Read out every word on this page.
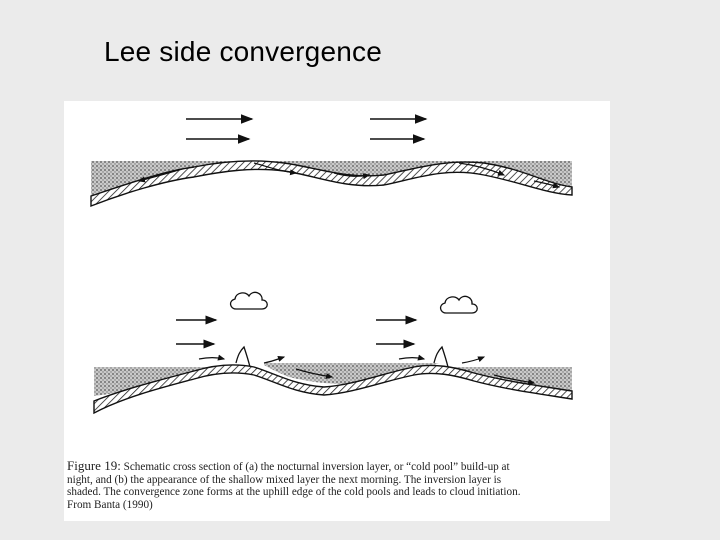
Lee side convergence
Figure 19: Schematic cross section of (a) the nocturnal inversion layer, or “cold pool” build-up at
night, and (b) the appearance of the shallow mixed layer the next morning. The inversion layer is
shaded. The convergence zone forms at the uphill edge of the cold pools and leads to cloud initiation.
From Banta (1990)
